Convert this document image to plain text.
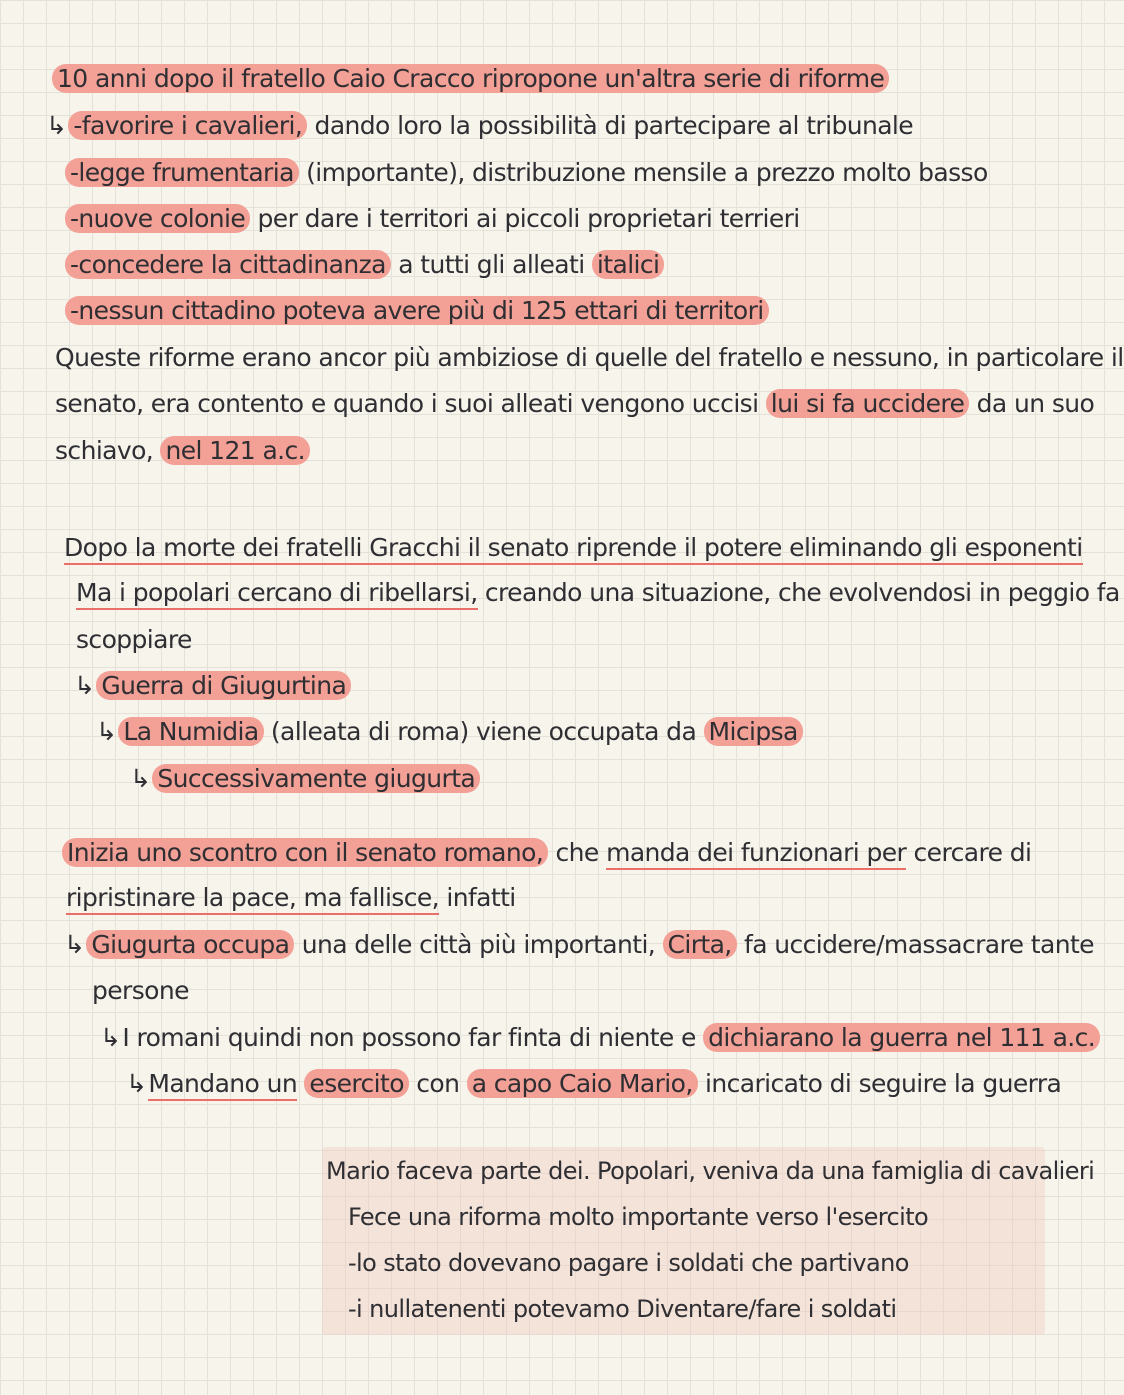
10 anni dopo il fratello Caio Cracco ripropone un'altra serie di riforme
↳ -favorire i cavalieri, dando loro la possibilità di partecipare al tribunale
-legge frumentaria (importante), distribuzione mensile a prezzo molto basso
-nuove colonie per dare i territori ai piccoli proprietari terrieri
-concedere la cittadinanza a tutti gli alleati italici
-nessun cittadino poteva avere più di 125 ettari di territori
Queste riforme erano ancor più ambiziose di quelle del fratello e nessuno, in particolare il
senato, era contento e quando i suoi alleati vengono uccisi lui si fa uccidere da un suo
schiavo, nel 121 a.c.
Dopo la morte dei fratelli Gracchi il senato riprende il potere eliminando gli esponenti
Ma i popolari cercano di ribellarsi, creando una situazione, che evolvendosi in peggio fa
scoppiare
↳ Guerra di Giugurtina
↳ La Numidia (alleata di roma) viene occupata da Micipsa
↳ Successivamente giugurta
Inizia uno scontro con il senato romano, che manda dei funzionari per cercare di
ripristinare la pace, ma fallisce, infatti
↳ Giugurta occupa una delle città più importanti, Cirta, fa uccidere/massacrare tante
persone
↳I romani quindi non possono far finta di niente e dichiarano la guerra nel 111 a.c.
↳Mandano un esercito con a capo Caio Mario, incaricato di seguire la guerra
Mario faceva parte dei. Popolari, veniva da una famiglia di cavalieri
Fece una riforma molto importante verso l'esercito
-lo stato dovevano pagare i soldati che partivano
-i nullatenenti potevamo Diventare/fare i soldati
